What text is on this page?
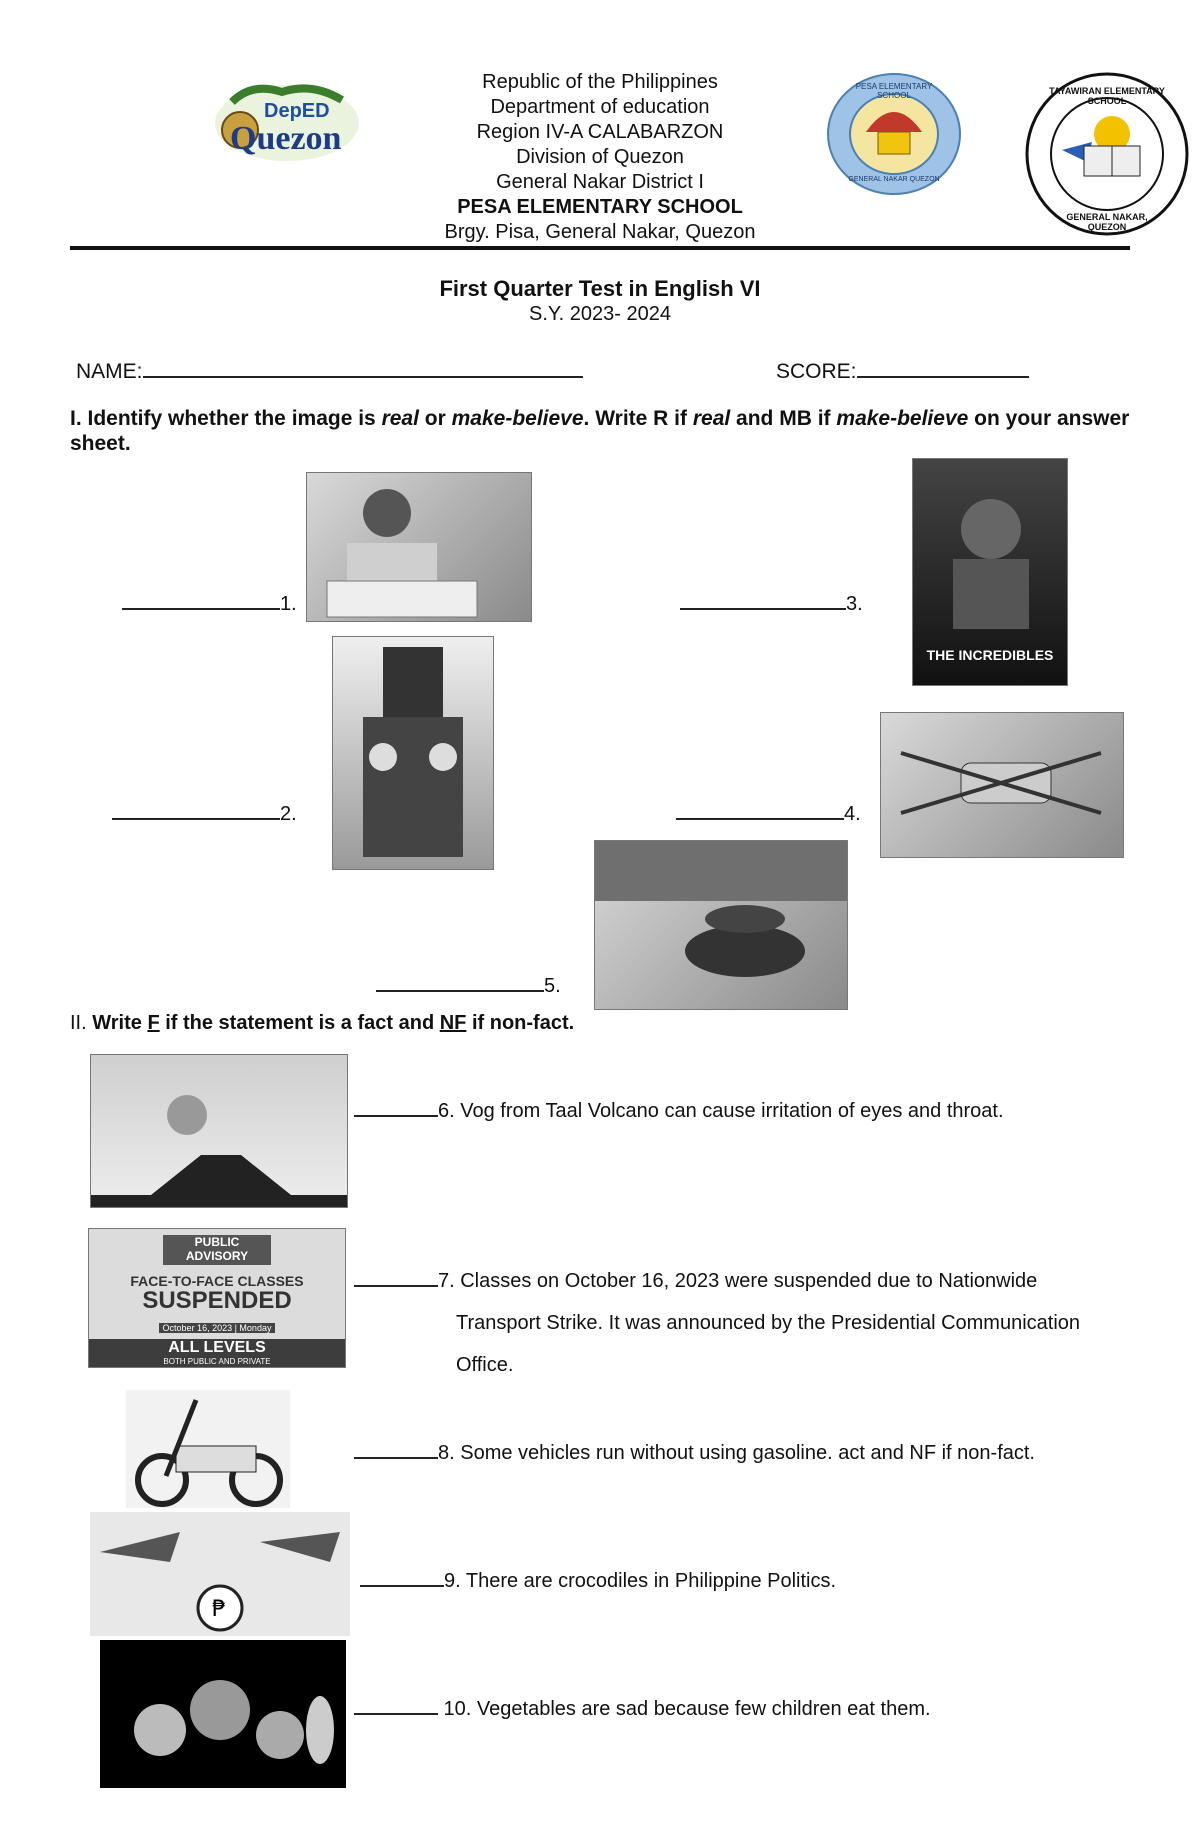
DepED
Quezon
Republic of the Philippines
Department of education
Region IV-A CALABARZON
Division of Quezon
General Nakar District I
PESA ELEMENTARY SCHOOL
Brgy. Pisa, General Nakar, Quezon
PESA ELEMENTARY SCHOOL
GENERAL NAKAR QUEZON
TAYAWIRAN ELEMENTARY SCHOOL
GENERAL NAKAR, QUEZON
First Quarter Test in English VI
S.Y. 2023- 2024
NAME:	SCORE:
I. Identify whether the image is real or make-believe. Write R if real and MB if make-believe on your answer sheet.
THE INCREDIBLES
1.
2.
3.
4.
5.
II. Write F if the statement is a fact and NF if non-fact.
6. Vog from Taal Volcano can cause irritation of eyes and throat.
PUBLIC
ADVISORY
FACE-TO-FACE CLASSES
SUSPENDED
October 16, 2023 | Monday
ALL LEVELS
BOTH PUBLIC AND PRIVATE
7. Classes on October 16, 2023 were suspended due to Nationwide
Transport Strike. It was announced by the Presidential Communication
Office.
8. Some vehicles run without using gasoline. act and NF if non-fact.
₱
9. There are crocodiles in Philippine Politics.
10. Vegetables are sad because few children eat them.
